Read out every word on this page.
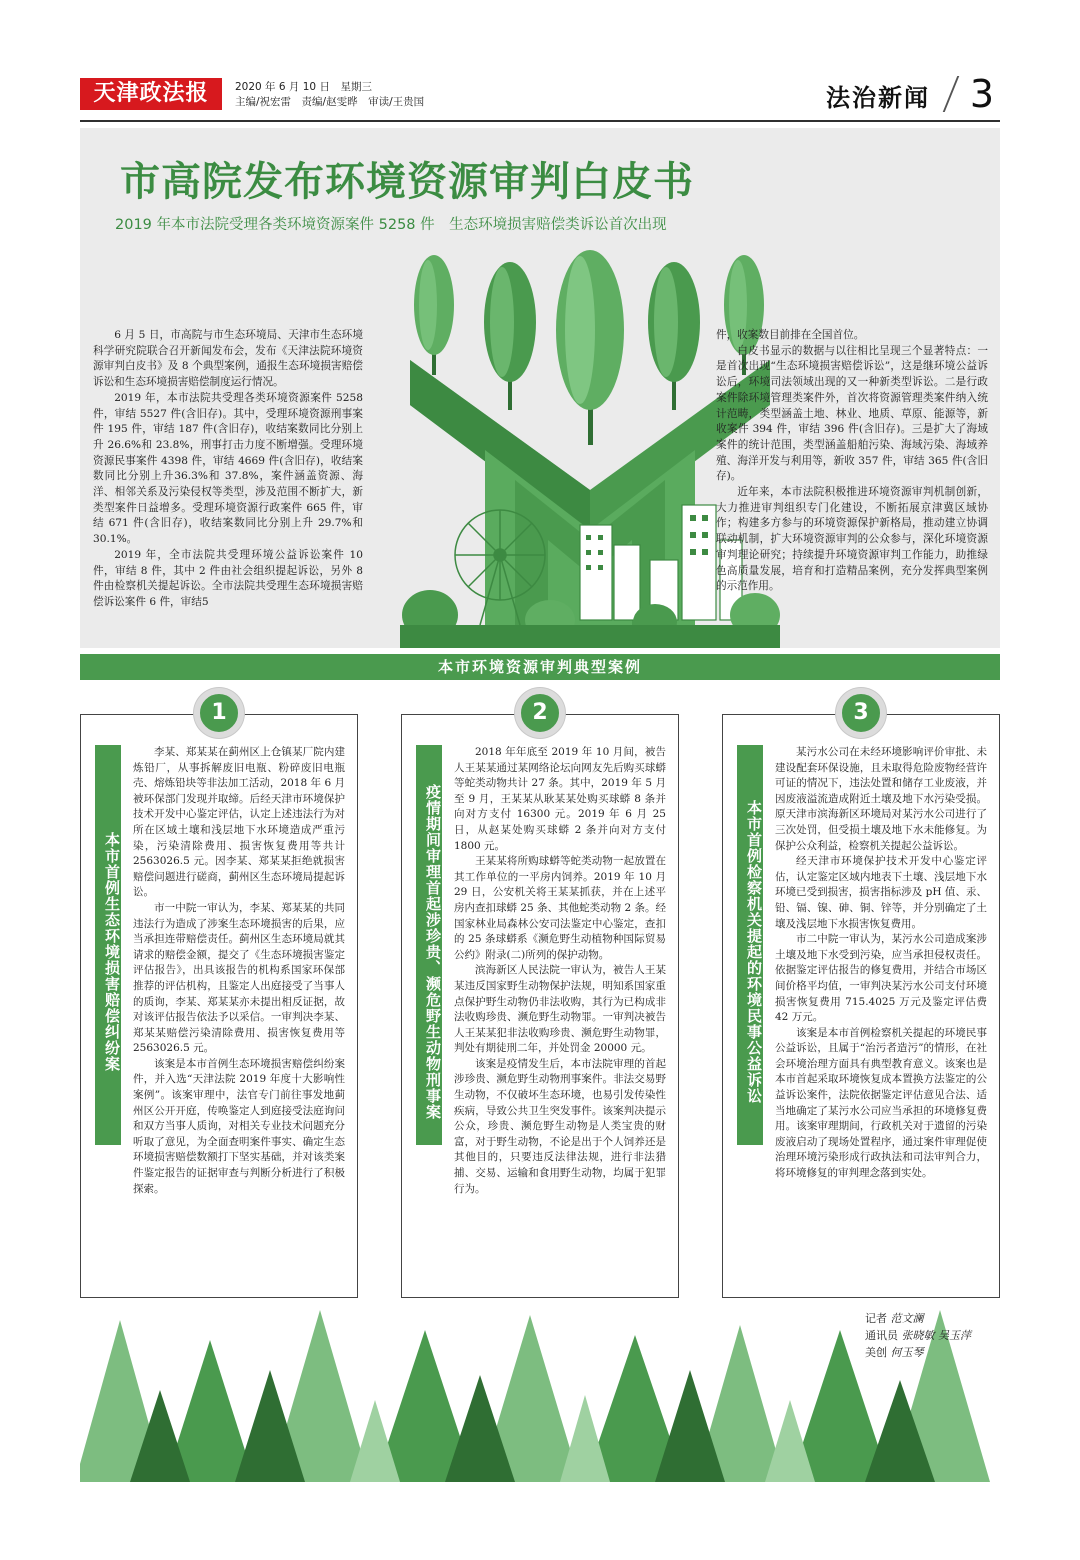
天津政法报	2020 年 6 月 10 日　星期三
主编/祝宏雷　责编/赵雯晔　审读/王贵国	法治新闻 3
市高院发布环境资源审判白皮书
2019 年本市法院受理各类环境资源案件 5258 件　生态环境损害赔偿类诉讼首次出现

6 月 5 日，市高院与市生态环境局、天津市生态环境科学研究院联合召开新闻发布会，发布《天津法院环境资源审判白皮书》及 8 个典型案例，通报生态环境损害赔偿诉讼和生态环境损害赔偿制度运行情况。

2019 年，本市法院共受理各类环境资源案件 5258 件，审结 5527 件(含旧存)。其中，受理环境资源刑事案件 195 件，审结 187 件(含旧存)，收结案数同比分别上升 26.6%和 23.8%，刑事打击力度不断增强。受理环境资源民事案件 4398 件，审结 4669 件(含旧存)，收结案数同比分别上升36.3%和 37.8%，案件涵盖资源、海洋、相邻关系及污染侵权等类型，涉及范围不断扩大，新类型案件日益增多。受理环境资源行政案件 665 件，审结 671 件(含旧存)，收结案数同比分别上升 29.7%和 30.1%。

2019 年，全市法院共受理环境公益诉讼案件 10 件，审结 8 件，其中 2 件由社会组织提起诉讼，另外 8 件由检察机关提起诉讼。全市法院共受理生态环境损害赔偿诉讼案件 6 件，审结5

件，收案数目前排在全国首位。

白皮书显示的数据与以往相比呈现三个显著特点：一是首次出现“生态环境损害赔偿诉讼”，这是继环境公益诉讼后，环境司法领域出现的又一种新类型诉讼。二是行政案件除环境管理类案件外，首次将资源管理类案件纳入统计范畴，类型涵盖土地、林业、地质、草原、能源等，新收案件 394 件，审结 396 件(含旧存)。三是扩大了海域案件的统计范围，类型涵盖船舶污染、海域污染、海域养殖、海洋开发与利用等，新收 357 件，审结 365 件(含旧存)。

近年来，本市法院积极推进环境资源审判机制创新，大力推进审判组织专门化建设，不断拓展京津冀区域协作；构建多方参与的环境资源保护新格局，推动建立协调联动机制，扩大环境资源审判的公众参与，深化环境资源审判理论研究；持续提升环境资源审判工作能力，助推绿色高质量发展，培育和打造精品案例，充分发挥典型案例的示范作用。

本市环境资源审判典型案例
本市首例生态环境损害赔偿纠纷案

李某、郑某某在蓟州区上仓镇某厂院内建炼铅厂，从事拆解废旧电瓶、粉碎废旧电瓶壳、熔炼铅块等非法加工活动，2018 年 6 月被环保部门发现并取缔。后经天津市环境保护技术开发中心鉴定评估，认定上述违法行为对所在区域土壤和浅层地下水环境造成严重污染，污染清除费用、损害恢复费用等共计 2563026.5 元。因李某、郑某某拒绝就损害赔偿问题进行磋商，蓟州区生态环境局提起诉讼。

市一中院一审认为，李某、郑某某的共同违法行为造成了涉案生态环境损害的后果，应当承担连带赔偿责任。蓟州区生态环境局就其请求的赔偿金额，提交了《生态环境损害鉴定评估报告》，出具该报告的机构系国家环保部推荐的评估机构，且鉴定人出庭接受了当事人的质询，李某、郑某某亦未提出相反证据，故对该评估报告依法予以采信。一审判决李某、郑某某赔偿污染清除费用、损害恢复费用等 2563026.5 元。

该案是本市首例生态环境损害赔偿纠纷案件，并入选“天津法院 2019 年度十大影响性案例”。该案审理中，法官专门前往事发地蓟州区公开开庭，传唤鉴定人到庭接受法庭询问和双方当事人质询，对相关专业技术问题充分听取了意见，为全面查明案件事实、确定生态环境损害赔偿数额打下坚实基础，并对该类案件鉴定报告的证据审查与判断分析进行了积极探索。

1
疫情期间审理首起涉珍贵、濒危野生动物刑事案

2018 年年底至 2019 年 10 月间，被告人王某某通过某网络论坛向网友先后购买球蟒等蛇类动物共计 27 条。其中，2019 年 5 月至 9 月，王某某从耿某某处购买球蟒 8 条并向对方支付 16300 元。2019 年 6 月 25 日，从赵某处购买球蟒 2 条并向对方支付 1800 元。

王某某将所购球蟒等蛇类动物一起放置在其工作单位的一平房内饲养。2019 年 10 月 29 日，公安机关将王某某抓获，并在上述平房内查扣球蟒 25 条、其他蛇类动物 2 条。经国家林业局森林公安司法鉴定中心鉴定，查扣的 25 条球蟒系《濒危野生动植物种国际贸易公约》附录(二)所列的保护动物。

滨海新区人民法院一审认为，被告人王某某违反国家野生动物保护法规，明知系国家重点保护野生动物仍非法收购，其行为已构成非法收购珍贵、濒危野生动物罪。一审判决被告人王某某犯非法收购珍贵、濒危野生动物罪，判处有期徒刑二年，并处罚金 20000 元。

该案是疫情发生后，本市法院审理的首起涉珍贵、濒危野生动物刑事案件。非法交易野生动物，不仅破坏生态环境，也易引发传染性疾病，导致公共卫生突发事件。该案判决提示公众，珍贵、濒危野生动物是人类宝贵的财富，对于野生动物，不论是出于个人饲养还是其他目的，只要违反法律法规，进行非法猎捕、交易、运输和食用野生动物，均属于犯罪行为。

2
本市首例检察机关提起的环境民事公益诉讼

某污水公司在未经环境影响评价审批、未建设配套环保设施，且未取得危险废物经营许可证的情况下，违法处置和储存工业废液，并因废液溢流造成附近土壤及地下水污染受损。原天津市滨海新区环境局对某污水公司进行了三次处罚，但受损土壤及地下水未能修复。为保护公众利益，检察机关提起公益诉讼。

经天津市环境保护技术开发中心鉴定评估，认定鉴定区域内地表下土壤、浅层地下水环境已受到损害，损害指标涉及 pH 值、汞、铅、镉、镍、砷、铜、锌等，并分别确定了土壤及浅层地下水损害恢复费用。

市二中院一审认为，某污水公司造成案涉土壤及地下水受到污染，应当承担侵权责任。依据鉴定评估报告的修复费用，并结合市场区间价格平均值，一审判决某污水公司支付环境损害恢复费用 715.4025 万元及鉴定评估费 42 万元。

该案是本市首例检察机关提起的环境民事公益诉讼，且属于“治污者造污”的情形，在社会环境治理方面具有典型教育意义。该案也是本市首起采取环境恢复成本置换方法鉴定的公益诉讼案件，法院依据鉴定评估意见合法、适当地确定了某污水公司应当承担的环境修复费用。该案审理期间，行政机关对于遗留的污染废液启动了现场处置程序，通过案件审理促使治理环境污染形成行政执法和司法审判合力，将环境修复的审判理念落到实处。

3
记者 范文澜
通讯员 张晓敏 吴玉萍
美创 何玉琴
